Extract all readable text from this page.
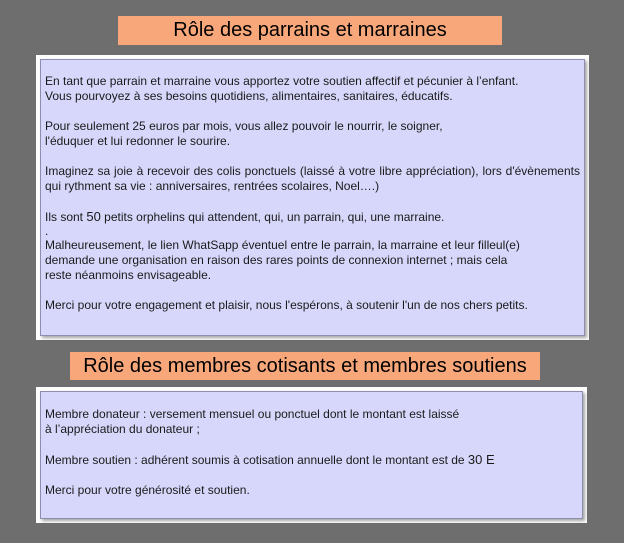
Rôle des parrains et marraines

En tant que parrain et marraine vous apportez votre soutien affectif et pécunier à l’enfant.
Vous pourvoyez à ses besoins quotidiens, alimentaires, sanitaires, éducatifs.

Pour seulement 25 euros par mois, vous allez pouvoir le nourrir, le soigner,
l'éduquer et lui redonner le sourire.

Imaginez sa joie à recevoir des colis ponctuels (laissé à votre libre appréciation), lors d'évènements qui rythment sa vie : anniversaires, rentrées scolaires, Noel….)

Ils sont 50 petits orphelins qui attendent, qui, un parrain, qui, une marraine.

.

Malheureusement, le lien WhatSapp éventuel entre le parrain, la marraine et leur filleul(e)
demande une organisation en raison des rares points de connexion internet ; mais cela
reste néanmoins envisageable.

Merci pour votre engagement et plaisir, nous l'espérons, à soutenir l'un de nos chers petits.

Rôle des membres cotisants et membres soutiens

Membre donateur : versement mensuel ou ponctuel dont le montant est laissé
à l’appréciation du donateur ;

Membre soutien : adhérent soumis à cotisation annuelle dont le montant est de 30 E

Merci pour votre générosité et soutien.
